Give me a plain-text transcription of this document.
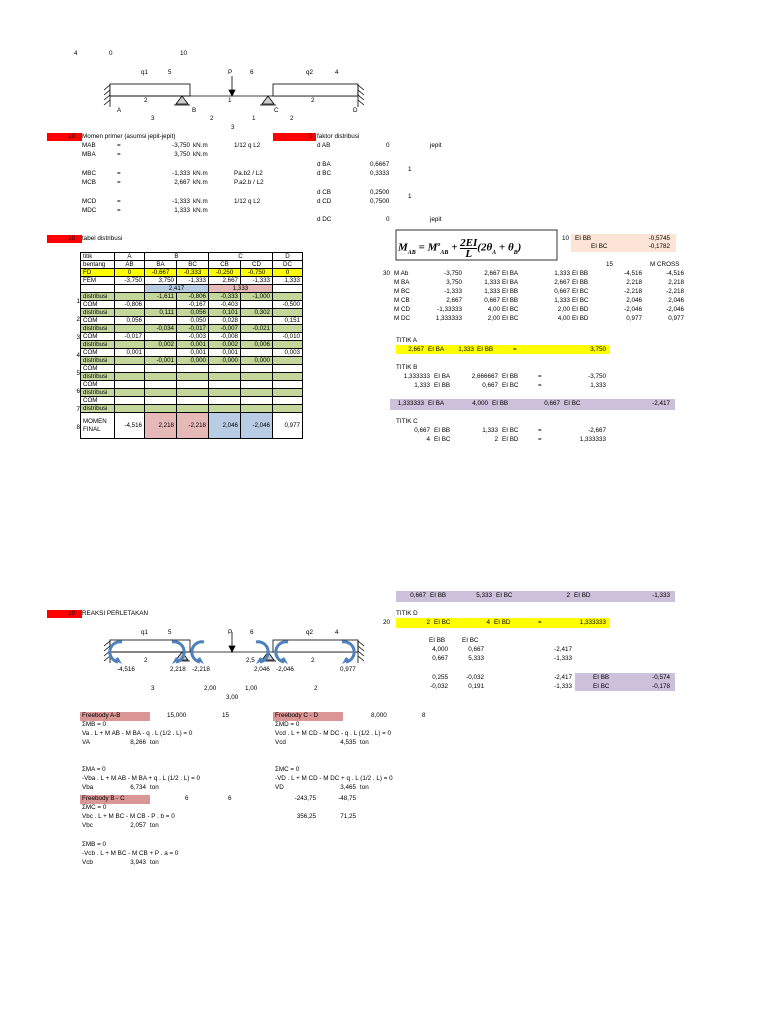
4	0	10
q1	5	P	6	q2	4
2	1	2
A	B	C	D
3	2	1	2
3
10 Momen primer (asumsi jepit-jepit)
MAB	=	-3,750 kN.m	1/12 q L2
MBA	=	3,750 kN.m
MBC	=	-1,333 kN.m	Pa.b2 / L2
MCB	=	2,667 kN.m	P.a2.b / L2
MCD	=	-1,333 kN.m	1/12 q L2
MDC	=	1,333 kN.m
5 faktor distribusi
d AB	0	jepit
d BA	0,6667
d BC	0,3333
1
d CB	0,2500
d CD	0,7500
1
d DC	0	jepit
10 tabel distribusi
1
2
3
4
5
6
7
8
titik	A	B		C		D
bentang	AB	BA	BC	CB	CD	DC
FD	0	-0,667	-0,333	-0,250	-0,750	0
FEM	-3,750	3,750	-1,333	2,667	-1,333	1,333
		2,417		1,333		
distribusi		-1,611	-0,806	-0,333	-1,000	
COM	-0,806		-0,167	-0,403		-0,500
distribusi		0,111	0,056	0,101	0,302	
COM	0,056		0,050	0,028		0,151
distribusi		-0,034	-0,017	-0,007	-0,021	
COM	-0,017		-0,003	-0,008		-0,010
distribusi		0,002	0,001	0,002	0,006	
COM	0,001		0,001	0,001		0,003
distribusi		-0,001	0,000	0,000	0,000	
COM						
distribusi						
COM						
distribusi						
COM						
distribusi						
MOMEN
FINAL	-4,516	2,218	-2,218	2,046	-2,046	0,977
$M_{AB} = M^o_{AB} + \frac{2EI}{L}(2\theta_A + \theta_B)$
10 EI BB	-0,5745
EI BC	-0,1782
15	M CROSS
30 M Ab	-3,750	2,667 EI BA	1,333 EI BB	-4,516	-4,516
M BA	3,750	1,333 EI BA	2,667 EI BB	2,218	2,218
M BC	-1,333	1,333 EI BB	0,667 EI BC	-2,218	-2,218
M CB	2,667	0,667 EI BB	1,333 EI BC	2,046	2,046
M CD	-1,33333	4,00 EI BC	2,00 EI BD	-2,046	-2,046
M DC	1,333333	2,00 EI BC	4,00 EI BD	0,977	0,977
TITIK A
2,667 EI BA	1,333 EI BB	=	3,750
TITIK B
1,333333 EI BA	2,666667 EI BB	=	-3,750
1,333 EI BB	0,667 EI BC	=	1,333
1,333333 EI BA	4,000 EI BB	0,667 EI BC	-2,417
TITIK C
0,667 EI BB	1,333 EI BC	=	-2,667
4 EI BC	2 EI BD	=	1,333333
0,667 EI BB	5,333 EI BC	2 EI BD	-1,333
TITIK D
20	2 EI BC	4 EI BD	=	1,333333
EI BB	EI BC
4,000	0,667	-2,417
0,667	5,333	-1,333
0,255	-0,032	-2,417	EI BB	-0,574
-0,032	0,191	-1,333	EI BC	-0,178
10 REAKSI PERLETAKAN
q1	5	P	6	q2	4
2	2,5	2
-4,516	2,218 -2,218	2,046 -2,046	0,977
3	2,00	1,00	2
3,00
Freebody A-B	15,000	15
ΣMB = 0
Va . L + M AB - M BA - q . L (1/2 . L) = 0
VA	8,266 ton
ΣMA = 0
-Vba . L + M AB - M BA + q . L (1/2 . L) = 0
Vba	6,734 ton
Freebody C - D	8,000	8
ΣMD = 0
Vcd . L + M CD - M DC - q . L (1/2 . L) = 0
Vcd	4,535 ton
ΣMC = 0
-VD . L + M CD - M DC + q . L (1/2 . L) = 0
VD	3,465 ton
Freebody B - C	6	6	-243,75	-48,75
ΣMC = 0
Vbc . L + M BC - M CB - P . b = 0	356,25	71,25
Vbc	2,057 ton
ΣMB = 0
-Vcb . L + M BC - M CB + P . a = 0
Vcb	3,943 ton
